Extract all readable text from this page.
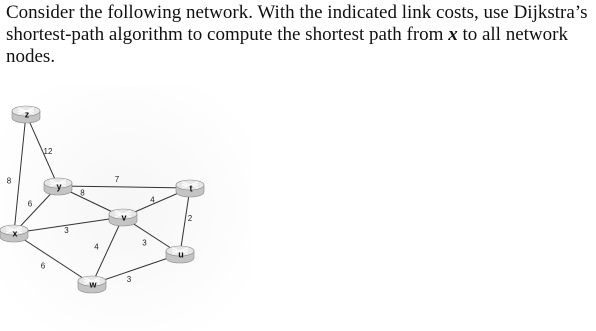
Consider the following network. With the indicated link costs, use Dijkstra’s shortest-path algorithm to compute the shortest path from x to all network nodes.

8
12
6
3
6
8
7
4
3
4
3
2
z
y
x
v
w
t
u
